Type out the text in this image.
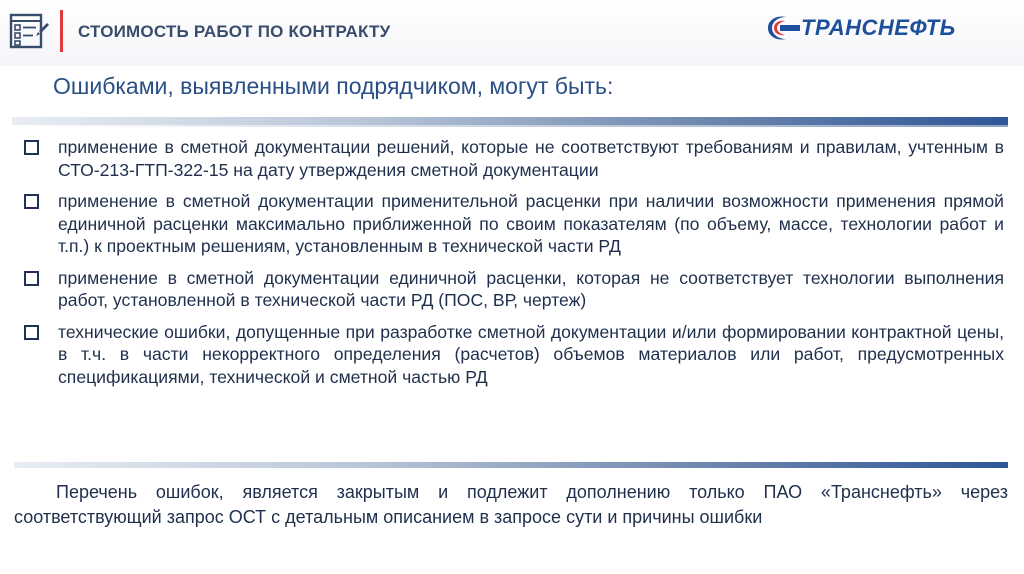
СТОИМОСТЬ РАБОТ ПО КОНТРАКТУ	ТРАНСНЕФТЬ
Ошибками, выявленными подрядчиком, могут быть:
применение в сметной документации решений, которые не соответствуют требованиям и правилам, учтенным в СТО-213-ГТП-322-15 на дату утверждения сметной документации
применение в сметной документации применительной расценки при наличии возможности применения прямой единичной расценки максимально приближенной по своим показателям (по объему, массе, технологии работ и т.п.) к проектным решениям, установленным в технической части РД
применение в сметной документации единичной расценки, которая не соответствует технологии выполнения работ, установленной в технической части РД (ПОС, ВР, чертеж)
технические ошибки, допущенные при разработке сметной документации и/или формировании контрактной цены, в т.ч. в части некорректного определения (расчетов) объемов материалов или работ, предусмотренных спецификациями, технической и сметной частью РД
Перечень ошибок, является закрытым и подлежит дополнению только ПАО «Транснефть» через соответствующий запрос ОСТ с детальным описанием в запросе сути и причины ошибки
